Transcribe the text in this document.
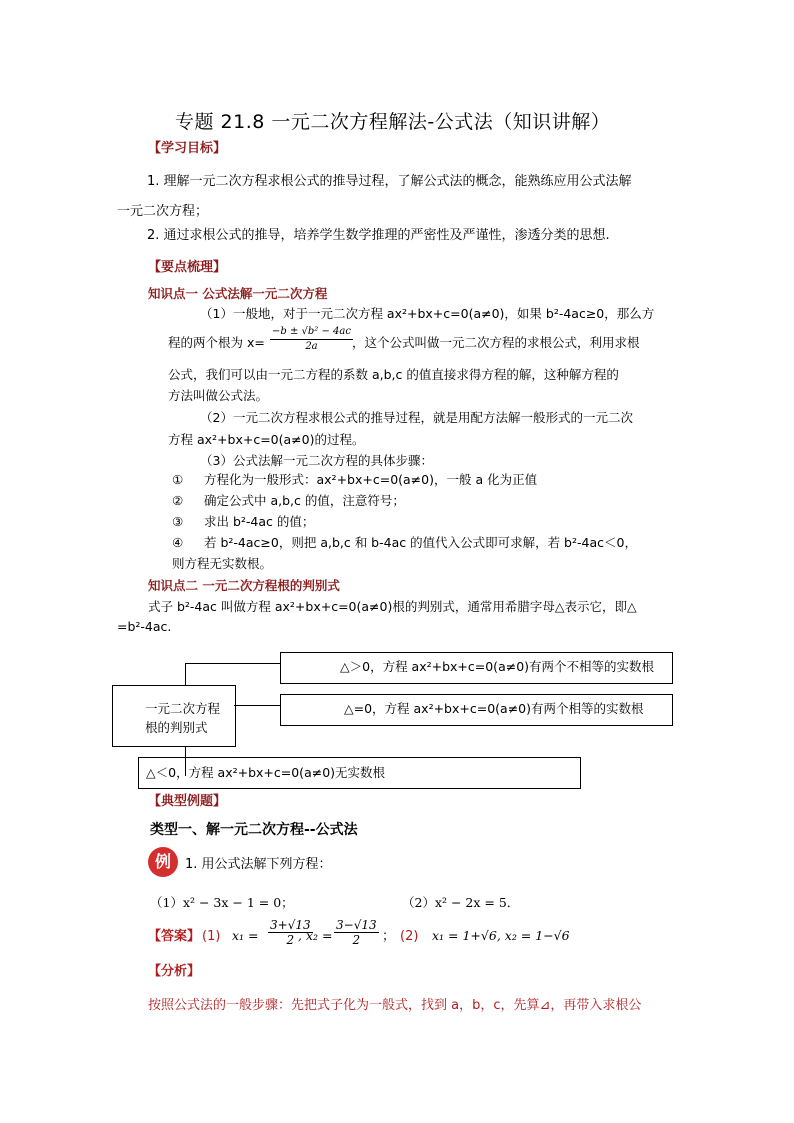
专题 21.8 一元二次方程解法-公式法（知识讲解）
【学习目标】
1. 理解一元二次方程求根公式的推导过程，了解公式法的概念，能熟练应用公式法解
一元二次方程；
2. 通过求根公式的推导，培养学生数学推理的严密性及严谨性，渗透分类的思想.
【要点梳理】
知识点一 公式法解一元二次方程
（1）一般地，对于一元二次方程 ax²+bx+c=0(a≠0)，如果 b²-4ac≥0，那么方
程的两个根为 $x= \frac{\text{−b ± √b² − 4ac}}{2a}$ ，这个公式叫做一元二次方程的求根公式，利用求根
公式，我们可以由一元二方程的系数 a,b,c 的值直接求得方程的解，这种解方程的
方法叫做公式法。
（2）一元二次方程求根公式的推导过程，就是用配方法解一般形式的一元二次
方程 ax²+bx+c=0(a≠0)的过程。
（3）公式法解一元二次方程的具体步骤：
① 方程化为一般形式：ax²+bx+c=0(a≠0)，一般 a 化为正值
② 确定公式中 a,b,c 的值，注意符号；
③ 求出 b²-4ac 的值；
④ 若 b²-4ac≥0，则把 a,b,c 和 b-4ac 的值代入公式即可求解，若 b²-4ac＜0，
则方程无实数根。
知识点二 一元二次方程根的判别式
式子 b²-4ac 叫做方程 ax²+bx+c=0(a≠0)根的判别式，通常用希腊字母△表示它，即△
=b²-4ac.
一元二次方程
根的判别式
△＞0，方程 ax²+bx+c=0(a≠0)有两个不相等的实数根
△=0，方程 ax²+bx+c=0(a≠0)有两个相等的实数根
△＜0，方程 ax²+bx+c=0(a≠0)无实数根
【典型例题】
类型一、解一元二次方程--公式法
例	1. 用公式法解下列方程：
（1）x² − 3x − 1 = 0；	（2）x² − 2x = 5．
【答案】 (1) $x_1 = \frac{3+√13}{2}$
, $x_2 = \frac{3-√13}{2}$ ； (2) x₁ = 1+√6, x₂ = 1−√6
【分析】
按照公式法的一般步骤：先把式子化为一般式，找到 a，b，c，先算⊿，再带入求根公
